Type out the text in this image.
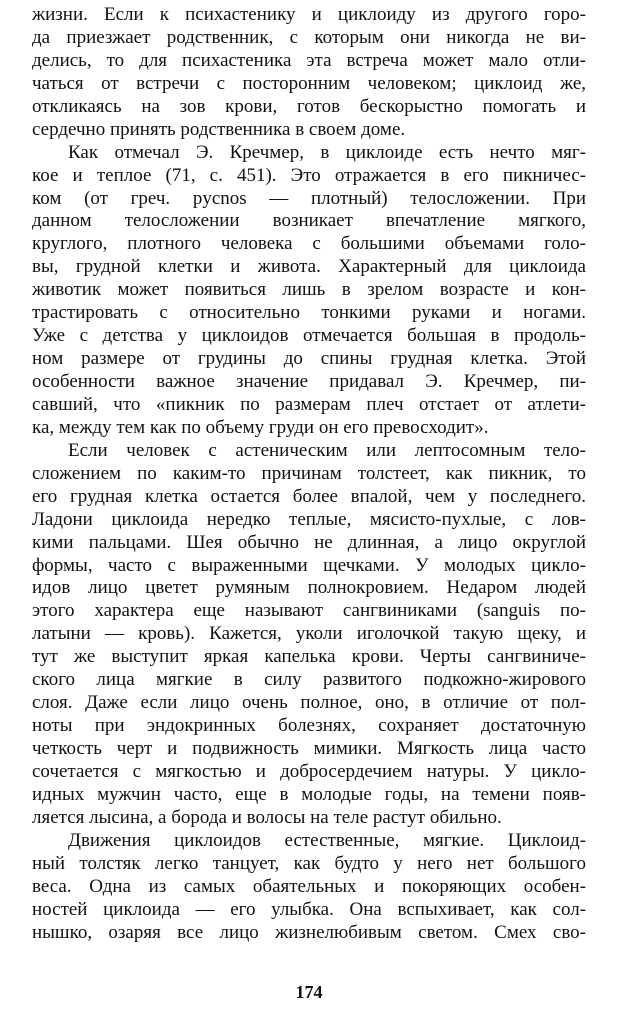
жизни. Если к психастенику и циклоиду из другого горо-
да приезжает родственник, с которым они никогда не ви-
делись, то для психастеника эта встреча может мало отли-
чаться от встречи с посторонним человеком; циклоид же,
откликаясь на зов крови, готов бескорыстно помогать и
сердечно принять родственника в своем доме.
Как отмечал Э. Кречмер, в циклоиде есть нечто мяг-
кое и теплое (71, с. 451). Это отражается в его пикничес-
ком (от греч. pycnos — плотный) телосложении. При
данном телосложении возникает впечатление мягкого,
круглого, плотного человека с большими объемами голо-
вы, грудной клетки и живота. Характерный для циклоида
животик может появиться лишь в зрелом возрасте и кон-
трастировать с относительно тонкими руками и ногами.
Уже с детства у циклоидов отмечается большая в продоль-
ном размере от грудины до спины грудная клетка. Этой
особенности важное значение придавал Э. Кречмер, пи-
савший, что «пикник по размерам плеч отстает от атлети-
ка, между тем как по объему груди он его превосходит».
Если человек с астеническим или лептосомным тело-
сложением по каким-то причинам толстеет, как пикник, то
его грудная клетка остается более впалой, чем у последнего.
Ладони циклоида нередко теплые, мясисто-пухлые, с лов-
кими пальцами. Шея обычно не длинная, а лицо округлой
формы, часто с выраженными щечками. У молодых цикло-
идов лицо цветет румяным полнокровием. Недаром людей
этого характера еще называют сангвиниками (sanguis по-
латыни — кровь). Кажется, уколи иголочкой такую щеку, и
тут же выступит яркая капелька крови. Черты сангвиниче-
ского лица мягкие в силу развитого подкожно-жирового
слоя. Даже если лицо очень полное, оно, в отличие от пол-
ноты при эндокринных болезнях, сохраняет достаточную
четкость черт и подвижность мимики. Мягкость лица часто
сочетается с мягкостью и добросердечием натуры. У цикло-
идных мужчин часто, еще в молодые годы, на темени появ-
ляется лысина, а борода и волосы на теле растут обильно.
Движения циклоидов естественные, мягкие. Циклоид-
ный толстяк легко танцует, как будто у него нет большого
веса. Одна из самых обаятельных и покоряющих особен-
ностей циклоида — его улыбка. Она вспыхивает, как сол-
нышко, озаряя все лицо жизнелюбивым светом. Смех сво-
174
